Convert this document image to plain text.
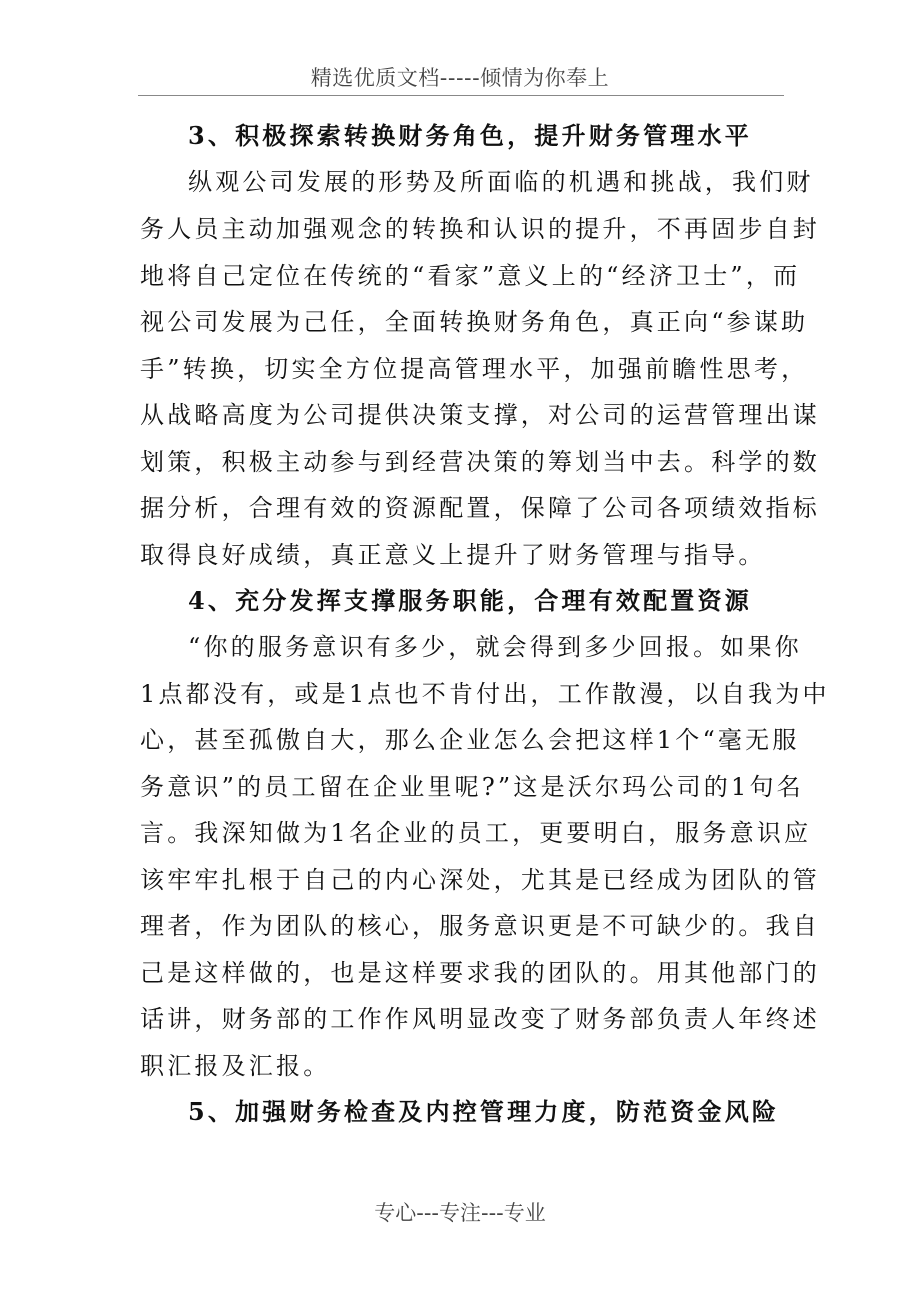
精选优质文档-----倾情为你奉上
3、积极探索转换财务角色，提升财务管理水平
纵观公司发展的形势及所面临的机遇和挑战，我们财
务人员主动加强观念的转换和认识的提升，不再固步自封
地将自己定位在传统的“看家”意义上的“经济卫士”，而
视公司发展为己任，全面转换财务角色，真正向“参谋助
手”转换，切实全方位提高管理水平，加强前瞻性思考，
从战略高度为公司提供决策支撑，对公司的运营管理出谋
划策，积极主动参与到经营决策的筹划当中去。科学的数
据分析，合理有效的资源配置，保障了公司各项绩效指标
取得良好成绩，真正意义上提升了财务管理与指导。
4、充分发挥支撑服务职能，合理有效配置资源
“你的服务意识有多少，就会得到多少回报。如果你
1点都没有，或是1点也不肯付出，工作散漫，以自我为中
心，甚至孤傲自大，那么企业怎么会把这样1个“毫无服
务意识”的员工留在企业里呢?”这是沃尔玛公司的1句名
言。我深知做为1名企业的员工，更要明白，服务意识应
该牢牢扎根于自己的内心深处，尤其是已经成为团队的管
理者，作为团队的核心，服务意识更是不可缺少的。我自
己是这样做的，也是这样要求我的团队的。用其他部门的
话讲，财务部的工作作风明显改变了财务部负责人年终述
职汇报及汇报。
5、加强财务检查及内控管理力度，防范资金风险
专心---专注---专业
